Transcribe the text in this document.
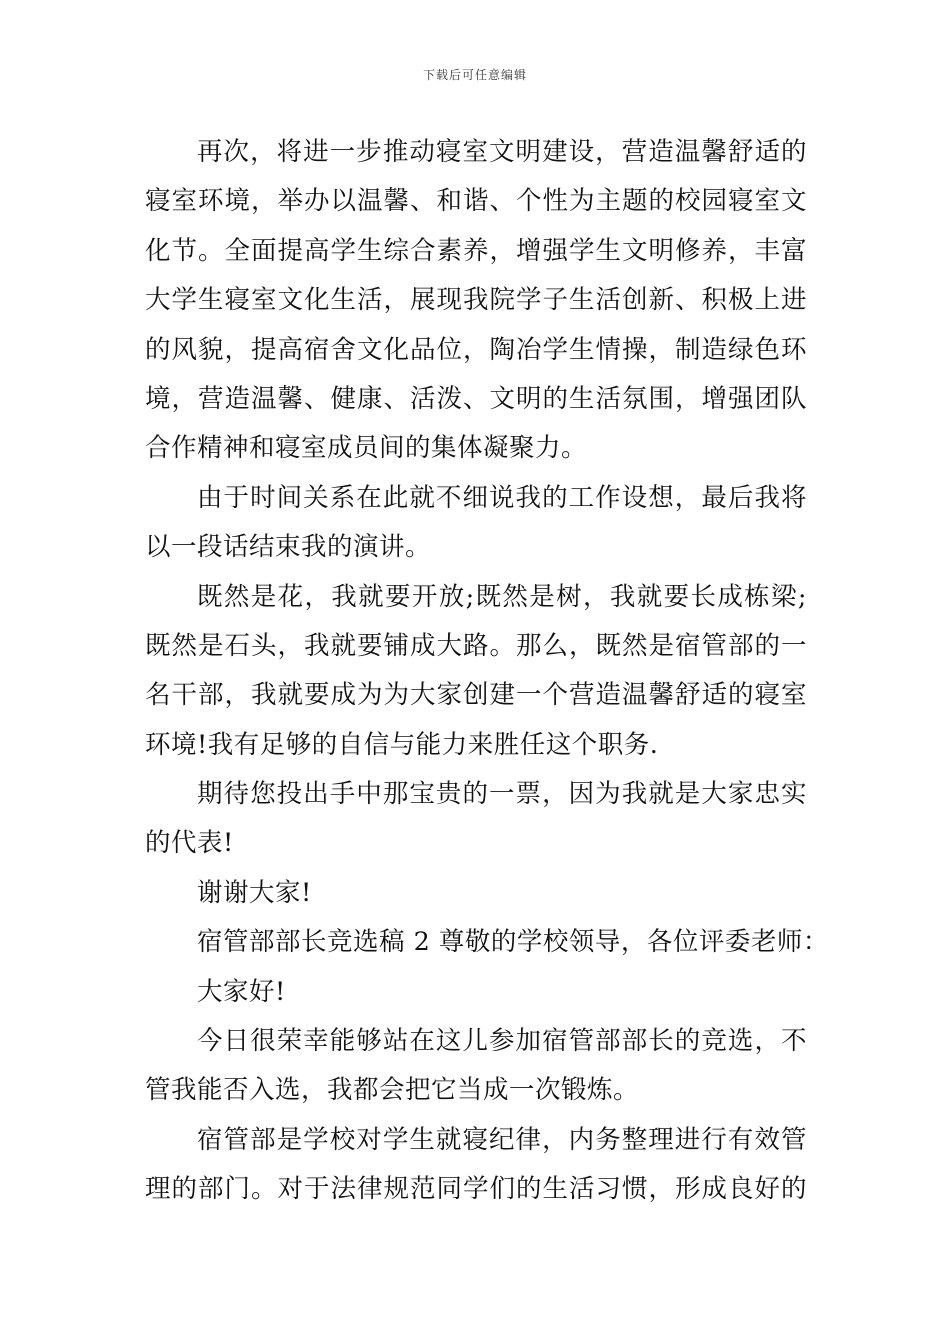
下载后可任意编辑
再次，将进一步推动寝室文明建设，营造温馨舒适的
寝室环境，举办以温馨、和谐、个性为主题的校园寝室文
化节。全面提高学生综合素养，增强学生文明修养，丰富
大学生寝室文化生活，展现我院学子生活创新、积极上进
的风貌，提高宿舍文化品位，陶冶学生情操，制造绿色环
境，营造温馨、健康、活泼、文明的生活氛围，增强团队
合作精神和寝室成员间的集体凝聚力。
由于时间关系在此就不细说我的工作设想，最后我将
以一段话结束我的演讲。
既然是花，我就要开放;既然是树，我就要长成栋梁;
既然是石头，我就要铺成大路。那么，既然是宿管部的一
名干部，我就要成为为大家创建一个营造温馨舒适的寝室
环境!我有足够的自信与能力来胜任这个职务.
期待您投出手中那宝贵的一票，因为我就是大家忠实
的代表!
谢谢大家!
宿管部部长竞选稿 2 尊敬的学校领导，各位评委老师：
大家好!
今日很荣幸能够站在这儿参加宿管部部长的竞选，不
管我能否入选，我都会把它当成一次锻炼。
宿管部是学校对学生就寝纪律，内务整理进行有效管
理的部门。对于法律规范同学们的生活习惯，形成良好的
